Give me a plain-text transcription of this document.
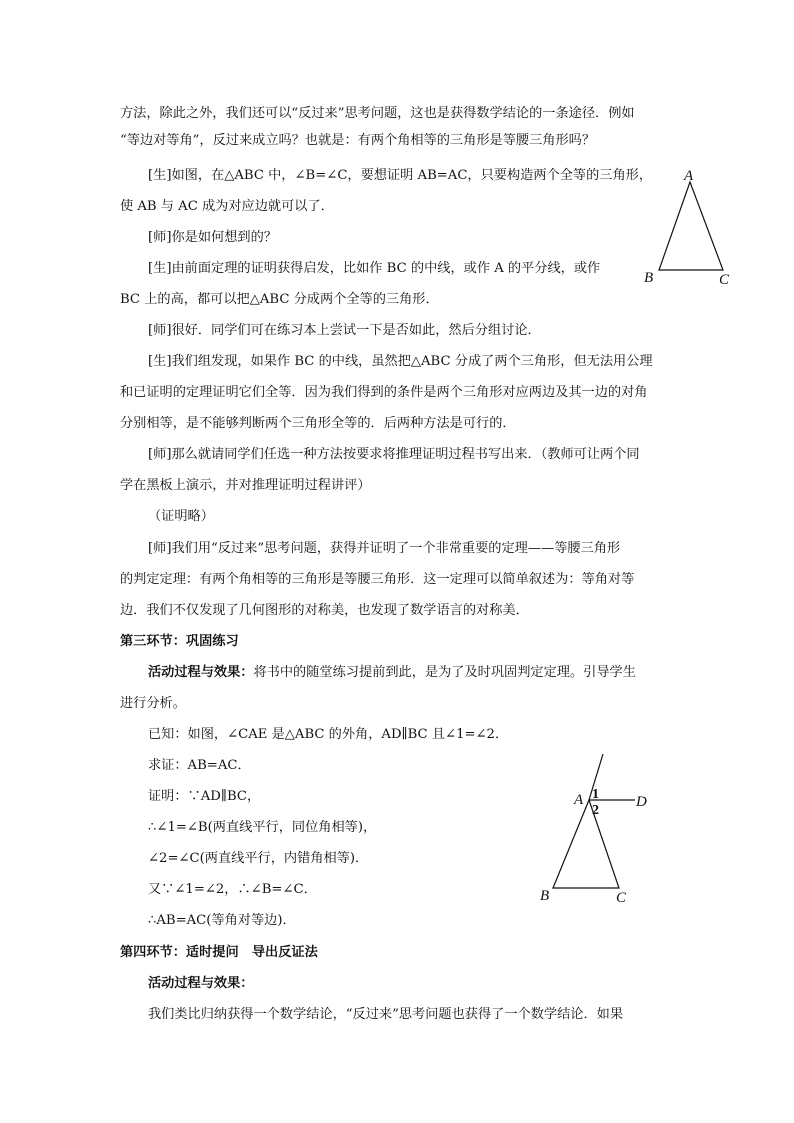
方法，除此之外，我们还可以“反过来”思考问题，这也是获得数学结论的一条途径．例如
“等边对等角”，反过来成立吗？也就是：有两个角相等的三角形是等腰三角形吗？
[生]如图，在△ABC 中，∠B=∠C，要想证明 AB=AC，只要构造两个全等的三角形，
使 AB 与 AC 成为对应边就可以了．
[师]你是如何想到的？
[生]由前面定理的证明获得启发，比如作 BC 的中线，或作 A 的平分线，或作
BC 上的高，都可以把△ABC 分成两个全等的三角形．
[师]很好．同学们可在练习本上尝试一下是否如此，然后分组讨论．
[生]我们组发现，如果作 BC 的中线，虽然把△ABC 分成了两个三角形，但无法用公理
和已证明的定理证明它们全等．因为我们得到的条件是两个三角形对应两边及其一边的对角
分别相等，是不能够判断两个三角形全等的．后两种方法是可行的．
[师]那么就请同学们任选一种方法按要求将推理证明过程书写出来．（教师可让两个同
学在黑板上演示，并对推理证明过程讲评）
（证明略）
[师]我们用“反过来”思考问题，获得并证明了一个非常重要的定理——等腰三角形
的判定定理：有两个角相等的三角形是等腰三角形．这一定理可以简单叙述为：等角对等
边．我们不仅发现了几何图形的对称美，也发现了数学语言的对称美．
第三环节：巩固练习
活动过程与效果：将书中的随堂练习提前到此，是为了及时巩固判定定理。引导学生
进行分析。
已知：如图，∠CAE 是△ABC 的外角，AD∥BC 且∠1=∠2．
求证：AB=AC．
证明：∵AD∥BC，
∴∠1=∠B(两直线平行，同位角相等)，
∠2=∠C(两直线平行，内错角相等)．
又∵∠1=∠2，∴∠B=∠C．
∴AB=AC(等角对等边)．
第四环节：适时提问　导出反证法
活动过程与效果：
我们类比归纳获得一个数学结论，“反过来”思考问题也获得了一个数学结论．如果
A
B	C
A
B	C
D
1
2
